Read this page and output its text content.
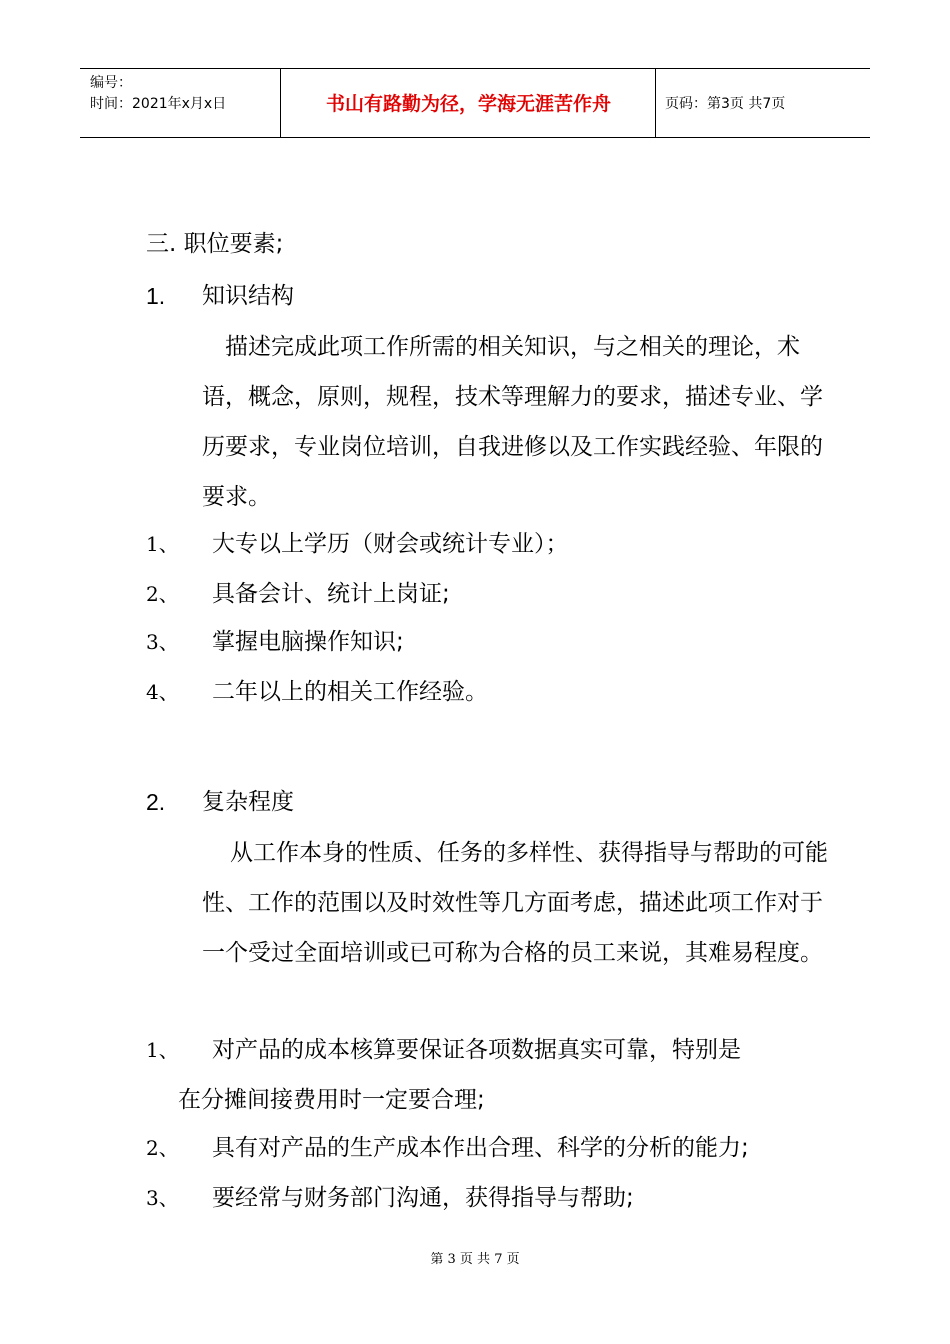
编号：
时间：2021年x月x日	书山有路勤为径，学海无涯苦作舟	页码：第3页 共7页
三. 职位要素;
1. 知识结构
描述完成此项工作所需的相关知识，与之相关的理论，术语，概念，原则，规程，技术等理解力的要求，描述专业、学历要求，专业岗位培训，自我进修以及工作实践经验、年限的要求。
1、 大专以上学历（财会或统计专业）；
2、 具备会计、统计上岗证;
3、 掌握电脑操作知识;
4、 二年以上的相关工作经验。
2. 复杂程度
从工作本身的性质、任务的多样性、获得指导与帮助的可能性、工作的范围以及时效性等几方面考虑，描述此项工作对于一个受过全面培训或已可称为合格的员工来说，其难易程度。
1、 对产品的成本核算要保证各项数据真实可靠，特别是
在分摊间接费用时一定要合理;
2、 具有对产品的生产成本作出合理、科学的分析的能力;
3、 要经常与财务部门沟通，获得指导与帮助;
第 3 页 共 7 页
